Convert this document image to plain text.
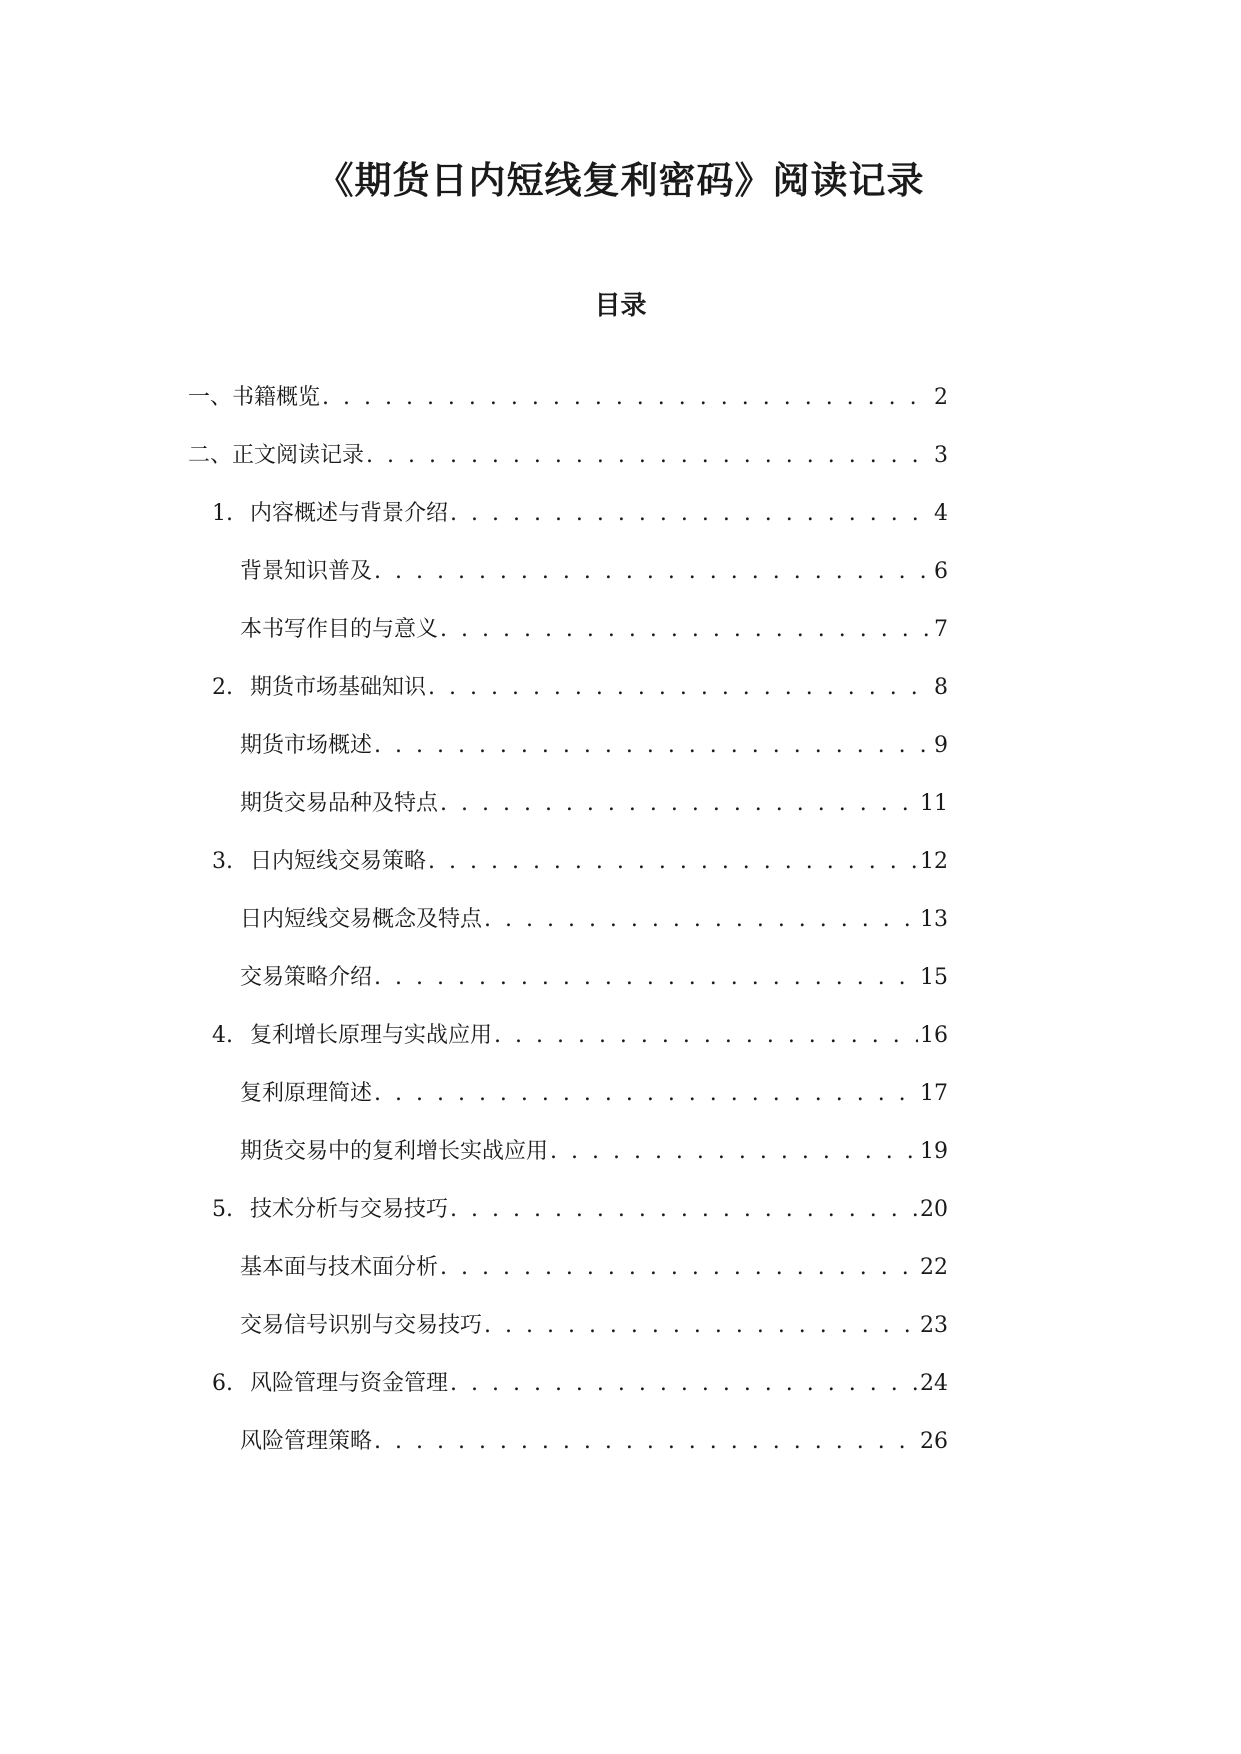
《期货日内短线复利密码》阅读记录
目录
一、书籍概览 . . .	2
二、正文阅读记录 . . .	3
1. 内容概述与背景介绍 . . .	4
背景知识普及 . . .	6
本书写作目的与意义 . . .	7
2. 期货市场基础知识 . . .	8
期货市场概述 . . .	9
期货交易品种及特点 . . .	11
3. 日内短线交易策略 . . .	12
日内短线交易概念及特点 . . .	13
交易策略介绍 . . .	15
4. 复利增长原理与实战应用 . . .	16
复利原理简述 . . .	17
期货交易中的复利增长实战应用 . . .	19
5. 技术分析与交易技巧 . . .	20
基本面与技术面分析 . . .	22
交易信号识别与交易技巧 . . .	23
6. 风险管理与资金管理 . . .	24
风险管理策略 . . .	26
